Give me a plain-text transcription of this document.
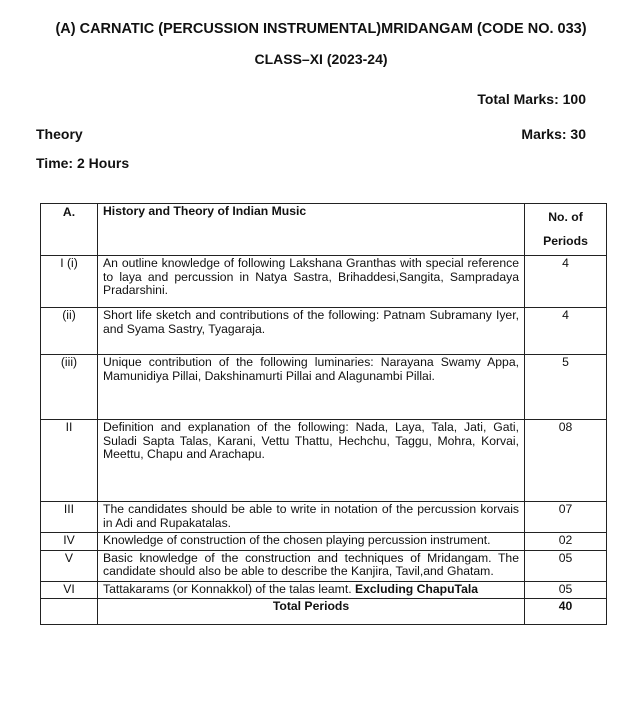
(A) CARNATIC (PERCUSSION INSTRUMENTAL)MRIDANGAM (CODE NO. 033)
CLASS–XI (2023-24)
Total Marks: 100
Theory	Marks: 30
Time: 2 Hours
A.	History and Theory of Indian Music	No. of
Periods

I (i)	An outline knowledge of following Lakshana Granthas with special reference to laya and percussion in Natya Sastra, Brihaddesi,Sangita, Sampradaya Pradarshini.	4
(ii)	Short life sketch and contributions of the following: Patnam Subramany Iyer, and Syama Sastry, Tyagaraja.	4
(iii)	Unique contribution of the following luminaries: Narayana Swamy Appa, Mamunidiya Pillai, Dakshinamurti Pillai and Alagunambi Pillai.	5
II	Definition and explanation of the following: Nada, Laya, Tala, Jati, Gati, Suladi Sapta Talas, Karani, Vettu Thattu, Hechchu, Taggu, Mohra, Korvai, Meettu, Chapu and Arachapu.	08
III	The candidates should be able to write in notation of the percussion korvais in Adi and Rupakatalas.	07
IV	Knowledge of construction of the chosen playing percussion instrument.	02
V	Basic knowledge of the construction and techniques of Mridangam. The candidate should also be able to describe the Kanjira, Tavil,and Ghatam.	05
VI	Tattakarams (or Konnakkol) of the talas leamt. Excluding ChapuTala	05
	Total Periods	40
